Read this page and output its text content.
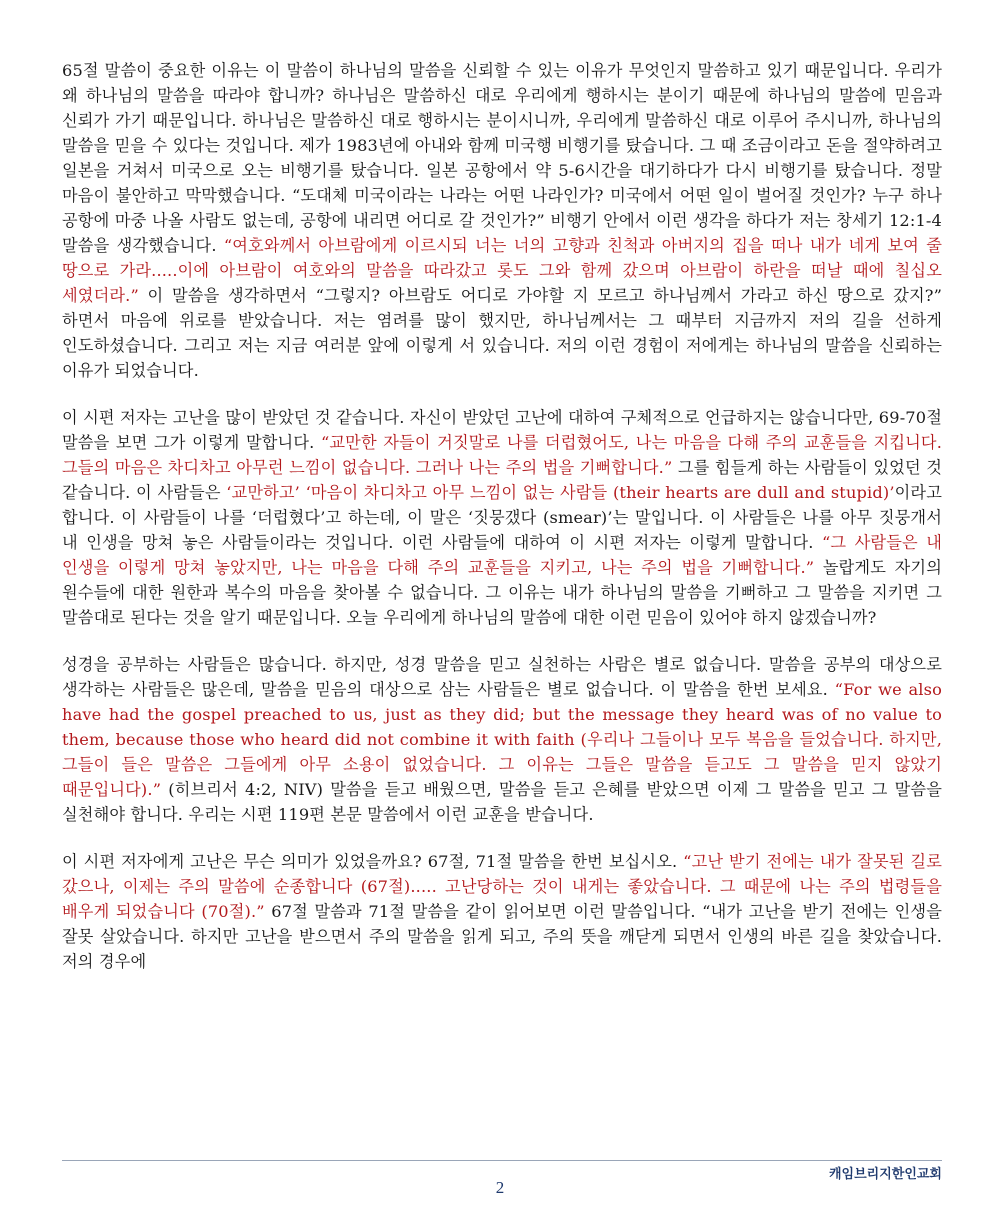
65절 말씀이 중요한 이유는 이 말씀이 하나님의 말씀을 신뢰할 수 있는 이유가 무엇인지 말씀하고 있기 때문입니다. 우리가 왜 하나님의 말씀을 따라야 합니까? 하나님은 말씀하신 대로 우리에게 행하시는 분이기 때문에 하나님의 말씀에 믿음과 신뢰가 가기 때문입니다. 하나님은 말씀하신 대로 행하시는 분이시니까, 우리에게 말씀하신 대로 이루어 주시니까, 하나님의 말씀을 믿을 수 있다는 것입니다. 제가 1983년에 아내와 함께 미국행 비행기를 탔습니다. 그 때 조금이라고 돈을 절약하려고 일본을 거쳐서 미국으로 오는 비행기를 탔습니다. 일본 공항에서 약 5-6시간을 대기하다가 다시 비행기를 탔습니다. 정말 마음이 불안하고 막막했습니다. “도대체 미국이라는 나라는 어떤 나라인가? 미국에서 어떤 일이 벌어질 것인가? 누구 하나 공항에 마중 나올 사람도 없는데, 공항에 내리면 어디로 갈 것인가?” 비행기 안에서 이런 생각을 하다가 저는 창세기 12:1-4 말씀을 생각했습니다. “여호와께서 아브람에게 이르시되 너는 너의 고향과 친척과 아버지의 집을 떠나 내가 네게 보여 줄 땅으로 가라.....이에 아브람이 여호와의 말씀을 따라갔고 롯도 그와 함께 갔으며 아브람이 하란을 떠날 때에 칠십오 세였더라.” 이 말씀을 생각하면서 “그렇지? 아브람도 어디로 가야할 지 모르고 하나님께서 가라고 하신 땅으로 갔지?” 하면서 마음에 위로를 받았습니다. 저는 염려를 많이 했지만, 하나님께서는 그 때부터 지금까지 저의 길을 선하게 인도하셨습니다. 그리고 저는 지금 여러분 앞에 이렇게 서 있습니다. 저의 이런 경험이 저에게는 하나님의 말씀을 신뢰하는 이유가 되었습니다.

이 시편 저자는 고난을 많이 받았던 것 같습니다. 자신이 받았던 고난에 대하여 구체적으로 언급하지는 않습니다만, 69-70절 말씀을 보면 그가 이렇게 말합니다. “교만한 자들이 거짓말로 나를 더럽혔어도, 나는 마음을 다해 주의 교훈들을 지킵니다. 그들의 마음은 차디차고 아무런 느낌이 없습니다. 그러나 나는 주의 법을 기뻐합니다.” 그를 힘들게 하는 사람들이 있었던 것 같습니다. 이 사람들은 ‘교만하고’ ‘마음이 차디차고 아무 느낌이 없는 사람들 (their hearts are dull and stupid)’이라고 합니다. 이 사람들이 나를 ‘더럽혔다’고 하는데, 이 말은 ‘짓뭉갰다 (smear)’는 말입니다. 이 사람들은 나를 아무 짓뭉개서 내 인생을 망쳐 놓은 사람들이라는 것입니다. 이런 사람들에 대하여 이 시편 저자는 이렇게 말합니다. “그 사람들은 내 인생을 이렇게 망쳐 놓았지만, 나는 마음을 다해 주의 교훈들을 지키고, 나는 주의 법을 기뻐합니다.” 놀랍게도 자기의 원수들에 대한 원한과 복수의 마음을 찾아볼 수 없습니다. 그 이유는 내가 하나님의 말씀을 기뻐하고 그 말씀을 지키면 그 말씀대로 된다는 것을 알기 때문입니다. 오늘 우리에게 하나님의 말씀에 대한 이런 믿음이 있어야 하지 않겠습니까?

성경을 공부하는 사람들은 많습니다. 하지만, 성경 말씀을 믿고 실천하는 사람은 별로 없습니다. 말씀을 공부의 대상으로 생각하는 사람들은 많은데, 말씀을 믿음의 대상으로 삼는 사람들은 별로 없습니다. 이 말씀을 한번 보세요. “For we also have had the gospel preached to us, just as they did; but the message they heard was of no value to them, because those who heard did not combine it with faith (우리나 그들이나 모두 복음을 들었습니다. 하지만, 그들이 들은 말씀은 그들에게 아무 소용이 없었습니다. 그 이유는 그들은 말씀을 듣고도 그 말씀을 믿지 않았기 때문입니다).” (히브리서 4:2, NIV) 말씀을 듣고 배웠으면, 말씀을 듣고 은혜를 받았으면 이제 그 말씀을 믿고 그 말씀을 실천해야 합니다. 우리는 시편 119편 본문 말씀에서 이런 교훈을 받습니다.

이 시편 저자에게 고난은 무슨 의미가 있었을까요? 67절, 71절 말씀을 한번 보십시오. “고난 받기 전에는 내가 잘못된 길로 갔으나, 이제는 주의 말씀에 순종합니다 (67절)..... 고난당하는 것이 내게는 좋았습니다. 그 때문에 나는 주의 법령들을 배우게 되었습니다 (70절).” 67절 말씀과 71절 말씀을 같이 읽어보면 이런 말씀입니다. “내가 고난을 받기 전에는 인생을 잘못 살았습니다. 하지만 고난을 받으면서 주의 말씀을 읽게 되고, 주의 뜻을 깨닫게 되면서 인생의 바른 길을 찾았습니다. 저의 경우에

캐임브리지한인교회
2
